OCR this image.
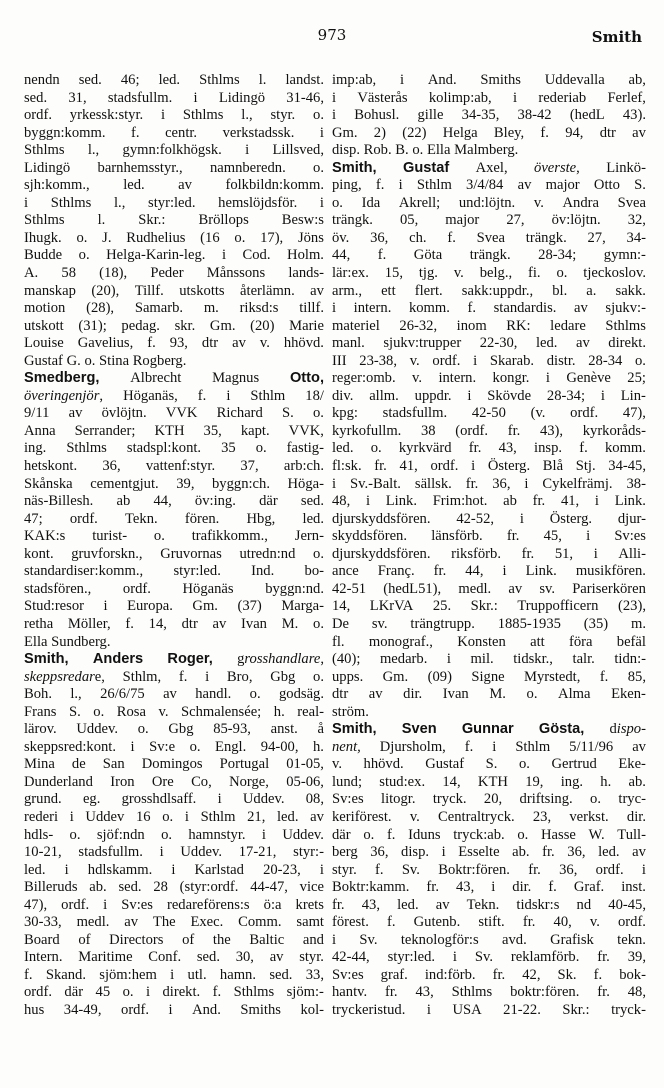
973	Smith
nendn sed. 46; led. Sthlms l. landst.
sed. 31, stadsfullm. i Lidingö 31-46,
ordf. yrkessk:styr. i Sthlms l., styr. o.
byggn:komm. f. centr. verkstadssk. i
Sthlms l., gymn:folkhögsk. i Lillsved,
Lidingö barnhemsstyr., namnberedn. o.
sjh:komm., led. av folkbildn:komm.
i Sthlms l., styr:led. hemslöjdsför. i
Sthlms l. Skr.: Bröllops Besw:s
Ihugk. o. J. Rudhelius (16 o. 17), Jöns
Budde o. Helga-Karin-leg. i Cod. Holm.
A. 58 (18), Peder Månssons lands-
manskap (20), Tillf. utskotts återlämn. av
motion (28), Samarb. m. riksd:s tillf.
utskott (31); pedag. skr. Gm. (20) Marie
Louise Gavelius, f. 93, dtr av v. hhövd.
Gustaf G. o. Stina Rogberg.
Smedberg, Albrecht Magnus Otto,
överingenjör, Höganäs, f. i Sthlm 18/
9/11 av övlöjtn. VVK Richard S. o.
Anna Serrander; KTH 35, kapt. VVK,
ing. Sthlms stadspl:kont. 35 o. fastig-
hetskont. 36, vattenf:styr. 37, arb:ch.
Skånska cementgjut. 39, byggn:ch. Höga-
näs-Billesh. ab 44, öv:ing. där sed.
47; ordf. Tekn. fören. Hbg, led.
KAK:s turist- o. trafikkomm., Jern-
kont. gruvforskn., Gruvornas utredn:nd o.
standardiser:komm., styr:led. Ind. bo-
stadsfören., ordf. Höganäs byggn:nd.
Stud:resor i Europa. Gm. (37) Marga-
retha Möller, f. 14, dtr av Ivan M. o.
Ella Sundberg.
Smith, Anders Roger, grosshandlare,
skeppsredare, Sthlm, f. i Bro, Gbg o.
Boh. l., 26/6/75 av handl. o. godsäg.
Frans S. o. Rosa v. Schmalensée; h. real-
lärov. Uddev. o. Gbg 85-93, anst. å
skeppsred:kont. i Sv:e o. Engl. 94-00, h.
Mina de San Domingos Portugal 01-05,
Dunderland Iron Ore Co, Norge, 05-06,
grund. eg. grosshdlsaff. i Uddev. 08,
rederi i Uddev 16 o. i Sthlm 21, led. av
hdls- o. sjöf:ndn o. hamnstyr. i Uddev.
10-21, stadsfullm. i Uddev. 17-21, styr:-
led. i hdlskamm. i Karlstad 20-23, i
Billeruds ab. sed. 28 (styr:ordf. 44-47, vice
47), ordf. i Sv:es redareförens:s ö:a krets
30-33, medl. av The Exec. Comm. samt
Board of Directors of the Baltic and
Intern. Maritime Conf. sed. 30, av styr.
f. Skand. sjöm:hem i utl. hamn. sed. 33,
ordf. där 45 o. i direkt. f. Sthlms sjöm:-
hus 34-49, ordf. i And. Smiths kol-
imp:ab, i And. Smiths Uddevalla ab,
i Västerås kolimp:ab, i rederiab Ferlef,
i Bohusl. gille 34-35, 38-42 (hedL 43).
Gm. 2) (22) Helga Bley, f. 94, dtr av
disp. Rob. B. o. Ella Malmberg.
Smith, Gustaf Axel, överste, Linkö-
ping, f. i Sthlm 3/4/84 av major Otto S.
o. Ida Akrell; und:löjtn. v. Andra Svea
trängk. 05, major 27, öv:löjtn. 32,
öv. 36, ch. f. Svea trängk. 27, 34-
44, f. Göta trängk. 28-34; gymn:-
lär:ex. 15, tjg. v. belg., fi. o. tjeckoslov.
arm., ett flert. sakk:uppdr., bl. a. sakk.
i intern. komm. f. standardis. av sjukv:-
materiel 26-32, inom RK: ledare Sthlms
manl. sjukv:trupper 22-30, led. av direkt.
III 23-38, v. ordf. i Skarab. distr. 28-34 o.
reger:omb. v. intern. kongr. i Genève 25;
div. allm. uppdr. i Skövde 28-34; i Lin-
kpg: stadsfullm. 42-50 (v. ordf. 47),
kyrkofullm. 38 (ordf. fr. 43), kyrkoråds-
led. o. kyrkvärd fr. 43, insp. f. komm.
fl:sk. fr. 41, ordf. i Österg. Blå Stj. 34-45,
i Sv.-Balt. sällsk. fr. 36, i Cykelfrämj. 38-
48, i Link. Frim:hot. ab fr. 41, i Link.
djurskyddsfören. 42-52, i Österg. djur-
skyddsfören. länsförb. fr. 45, i Sv:es
djurskyddsfören. riksförb. fr. 51, i Alli-
ance Franç. fr. 44, i Link. musikfören.
42-51 (hedL51), medl. av sv. Pariserkören
14, LKrVA 25. Skr.: Truppofficern (23),
De sv. trängtrupp. 1885-1935 (35) m.
fl. monograf., Konsten att föra befäl
(40); medarb. i mil. tidskr., talr. tidn:-
upps. Gm. (09) Signe Myrstedt, f. 85,
dtr av dir. Ivan M. o. Alma Eken-
ström.
Smith, Sven Gunnar Gösta, dispo-
nent, Djursholm, f. i Sthlm 5/11/96 av
v. hhövd. Gustaf S. o. Gertrud Eke-
lund; stud:ex. 14, KTH 19, ing. h. ab.
Sv:es litogr. tryck. 20, driftsing. o. tryc-
keriförest. v. Centraltryck. 23, verkst. dir.
där o. f. Iduns tryck:ab. o. Hasse W. Tull-
berg 36, disp. i Esselte ab. fr. 36, led. av
styr. f. Sv. Boktr:fören. fr. 36, ordf. i
Boktr:kamm. fr. 43, i dir. f. Graf. inst.
fr. 43, led. av Tekn. tidskr:s nd 40-45,
förest. f. Gutenb. stift. fr. 40, v. ordf.
i Sv. teknologför:s avd. Grafisk tekn.
42-44, styr:led. i Sv. reklamförb. fr. 39,
Sv:es graf. ind:förb. fr. 42, Sk. f. bok-
hantv. fr. 43, Sthlms boktr:fören. fr. 48,
tryckeristud. i USA 21-22. Skr.: tryck-
